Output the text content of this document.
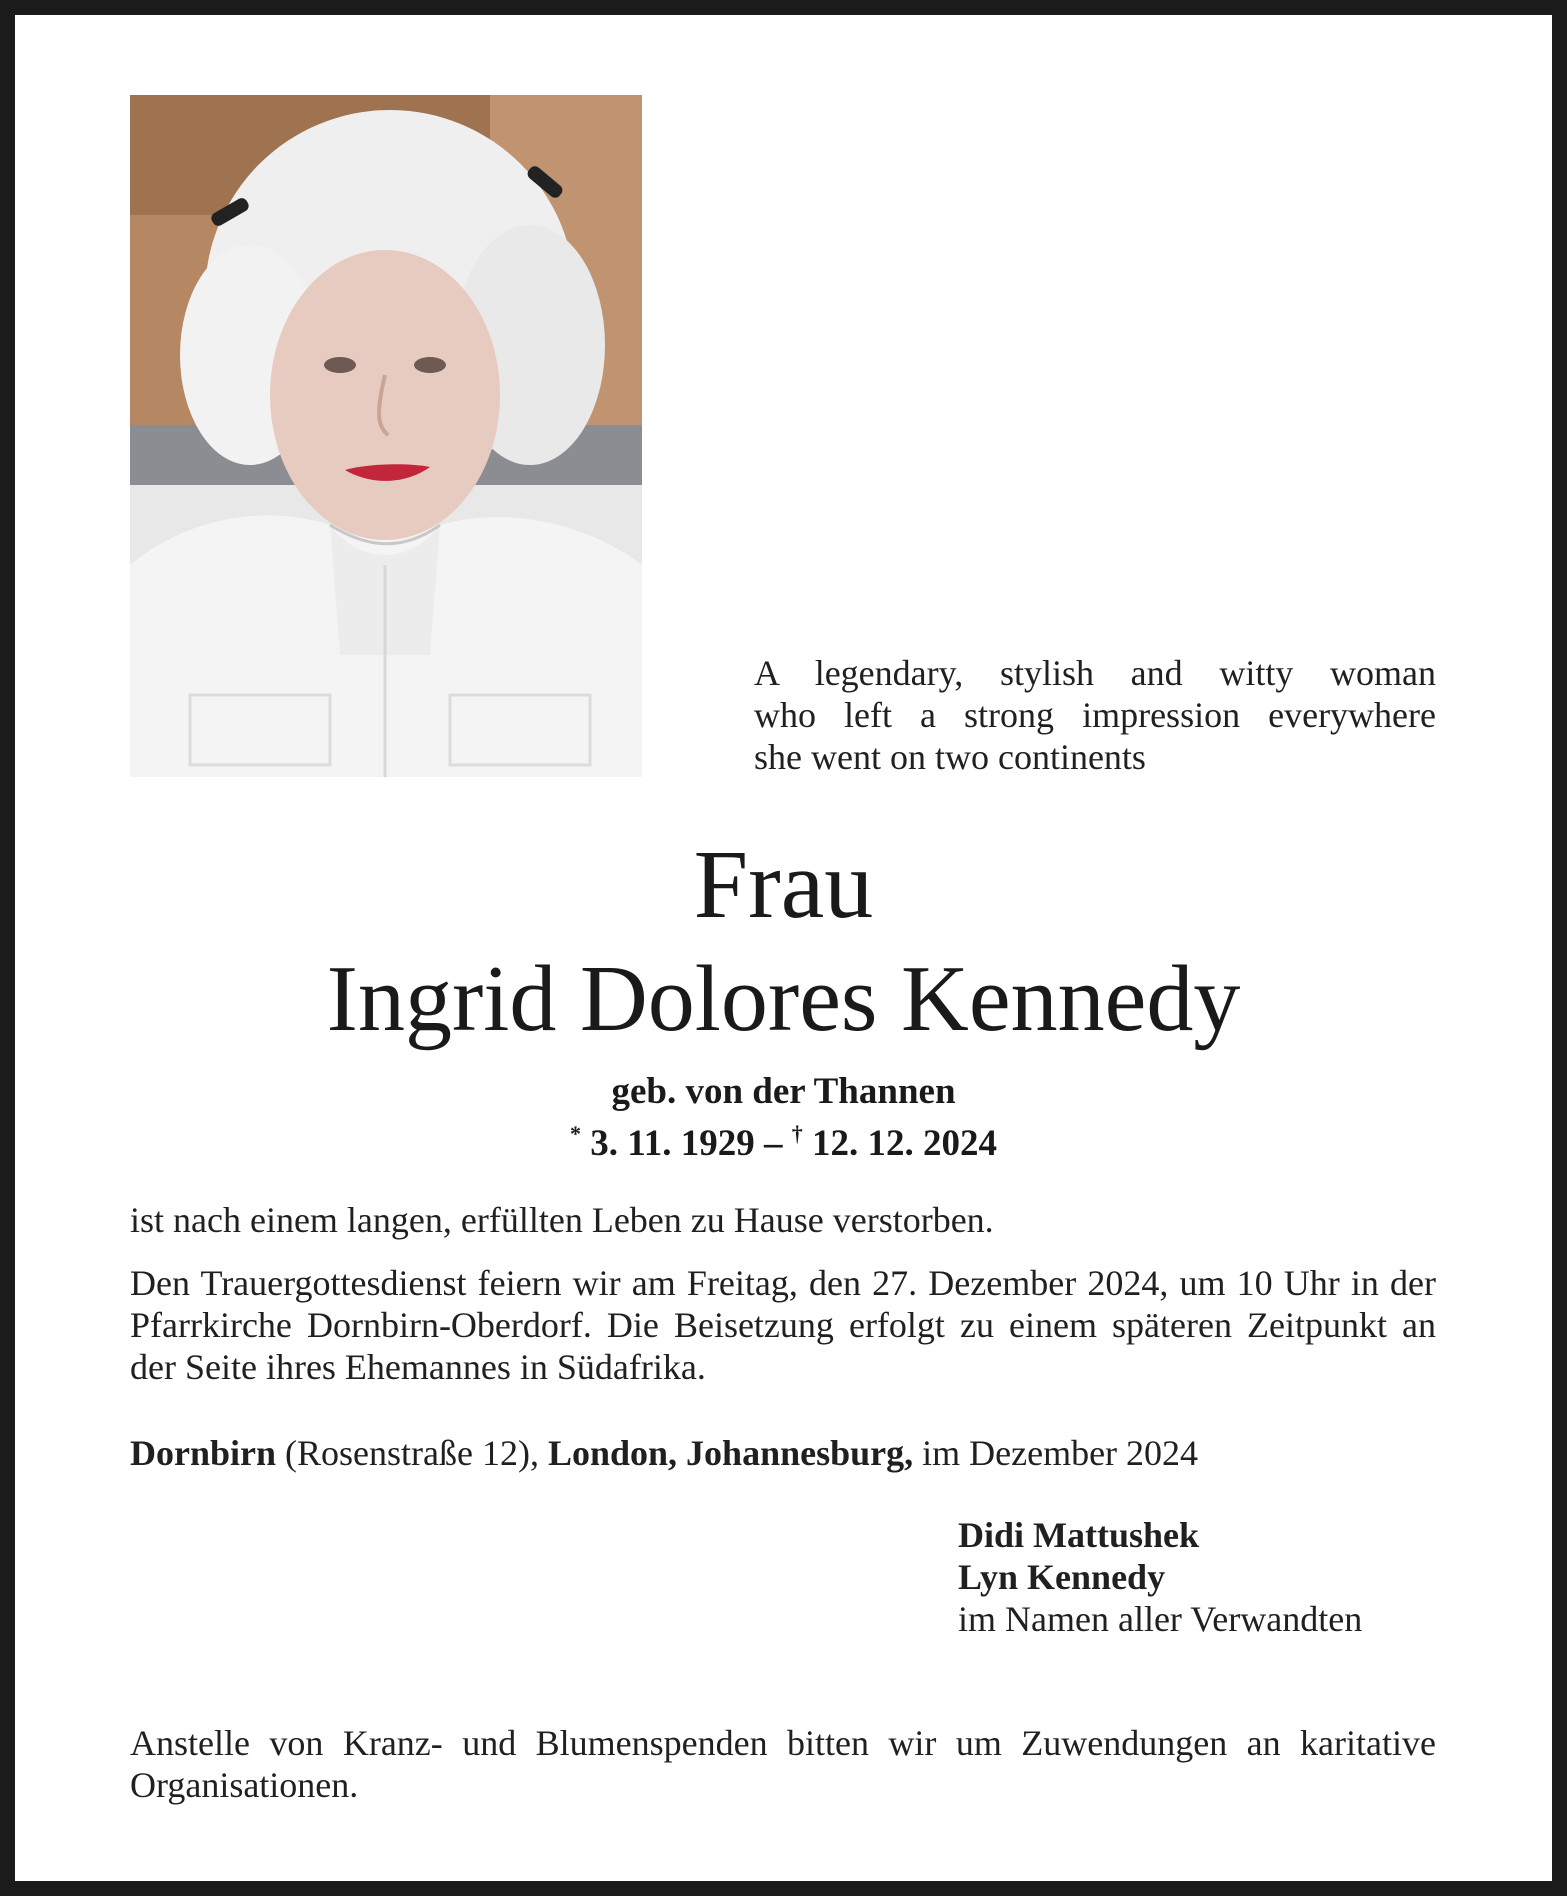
A legendary, stylish and witty woman
who left a strong impression everywhere
she went on two continents
Frau
Ingrid Dolores Kennedy
geb. von der Thannen
* 3. 11. 1929 – † 12. 12. 2024
ist nach einem langen, erfüllten Leben zu Hause verstorben.
Den Trauergottesdienst feiern wir am Freitag, den 27. Dezember 2024, um 10 Uhr in der Pfarrkirche Dornbirn-Oberdorf. Die Beisetzung erfolgt zu einem späteren Zeitpunkt an der Seite ihres Ehemannes in Südafrika.
Dornbirn (Rosenstraße 12), London, Johannesburg, im Dezember 2024
Didi Mattushek
Lyn Kennedy
im Namen aller Verwandten
Anstelle von Kranz- und Blumenspenden bitten wir um Zuwendungen an karitative Organisationen.
